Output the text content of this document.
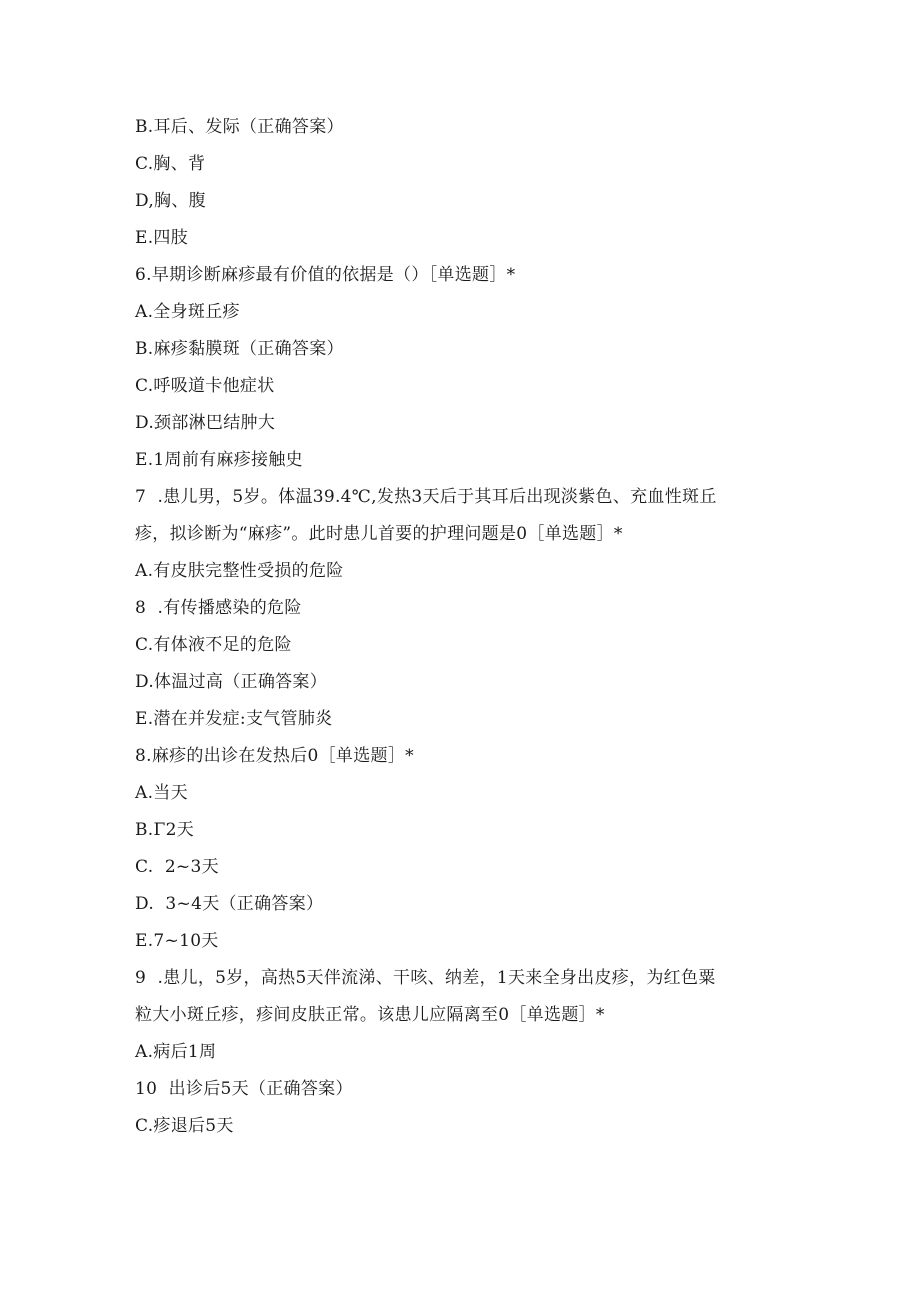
B.耳后、发际（正确答案）
C.胸、背
D,胸、腹
E.四肢
6.早期诊断麻疹最有价值的依据是（）［单选题］*
A.全身斑丘疹
B.麻疹黏膜斑（正确答案）
C.呼吸道卡他症状
D.颈部淋巴结肿大
E.1周前有麻疹接触史
7  .患儿男，5岁。体温39.4℃,发热3天后于其耳后出现淡紫色、充血性斑丘
疹，拟诊断为“麻疹”。此时患儿首要的护理问题是0［单选题］*
A.有皮肤完整性受损的危险
8  .有传播感染的危险
C.有体液不足的危险
D.体温过高（正确答案）
E.潜在并发症:支气管肺炎
8.麻疹的出诊在发热后0［单选题］*
A.当天
B.Γ2天
C.  2~3天
D.  3~4天（正确答案）
E.7~10天
9  .患儿，5岁，高热5天伴流涕、干咳、纳差，1天来全身出皮疹，为红色粟
粒大小斑丘疹，疹间皮肤正常。该患儿应隔离至0［单选题］*
A.病后1周
10  出诊后5天（正确答案）
C.疹退后5天
